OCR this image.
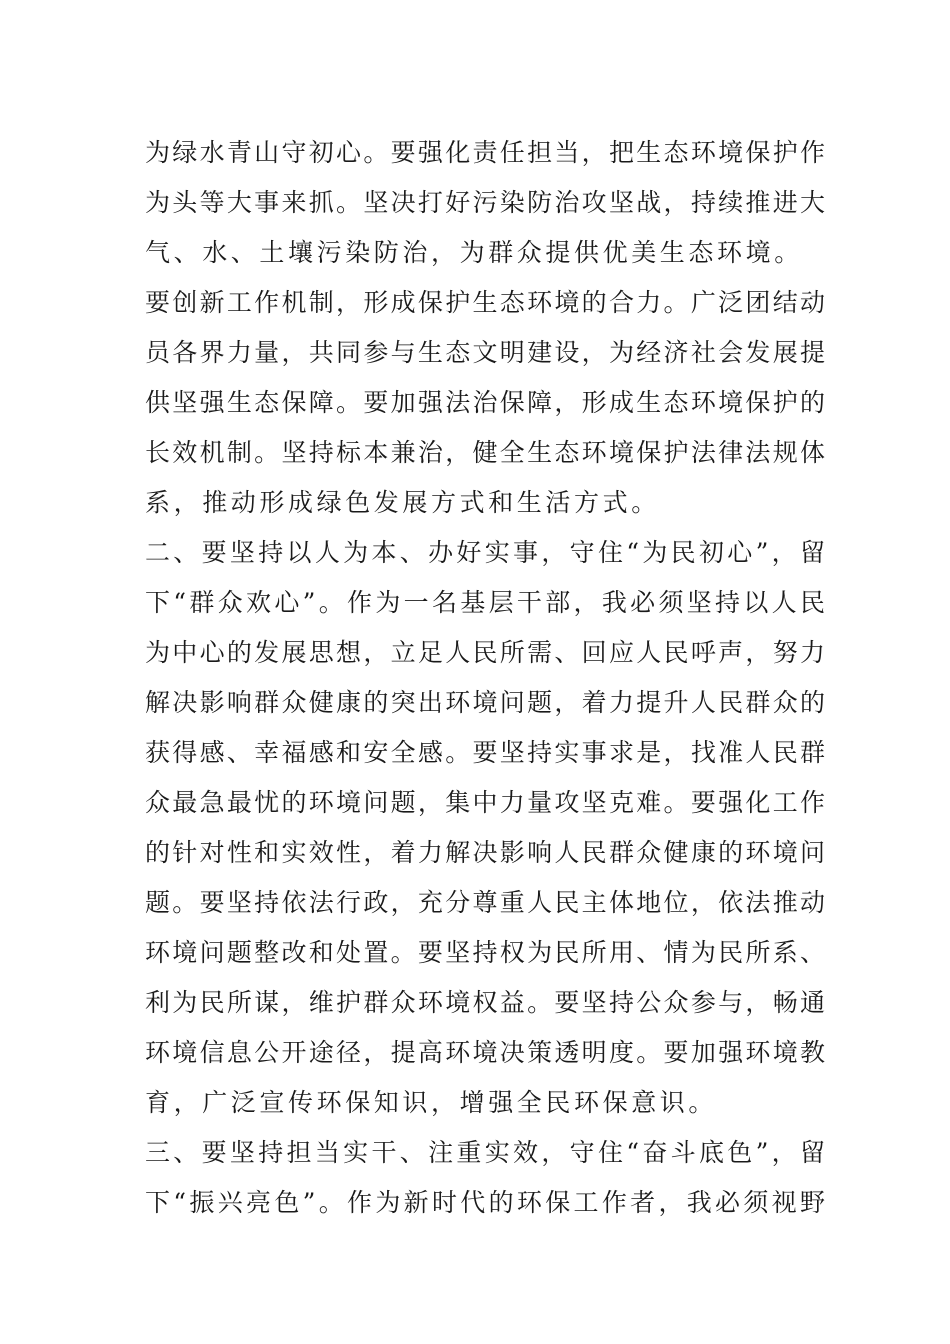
为绿水青山守初心。要强化责任担当，把生态环境保护作
为头等大事来抓。坚决打好污染防治攻坚战，持续推进大
气、水、土壤污染防治，为群众提供优美生态环境。
要创新工作机制，形成保护生态环境的合力。广泛团结动
员各界力量，共同参与生态文明建设，为经济社会发展提
供坚强生态保障。要加强法治保障，形成生态环境保护的
长效机制。坚持标本兼治，健全生态环境保护法律法规体
系，推动形成绿色发展方式和生活方式。
二、要坚持以人为本、办好实事，守住“为民初心”，留
下“群众欢心”。作为一名基层干部，我必须坚持以人民
为中心的发展思想，立足人民所需、回应人民呼声，努力
解决影响群众健康的突出环境问题，着力提升人民群众的
获得感、幸福感和安全感。要坚持实事求是，找准人民群
众最急最忧的环境问题，集中力量攻坚克难。要强化工作
的针对性和实效性，着力解决影响人民群众健康的环境问
题。要坚持依法行政，充分尊重人民主体地位，依法推动
环境问题整改和处置。要坚持权为民所用、情为民所系、
利为民所谋，维护群众环境权益。要坚持公众参与，畅通
环境信息公开途径，提高环境决策透明度。要加强环境教
育，广泛宣传环保知识，增强全民环保意识。
三、要坚持担当实干、注重实效，守住“奋斗底色”，留
下“振兴亮色”。作为新时代的环保工作者，我必须视野
